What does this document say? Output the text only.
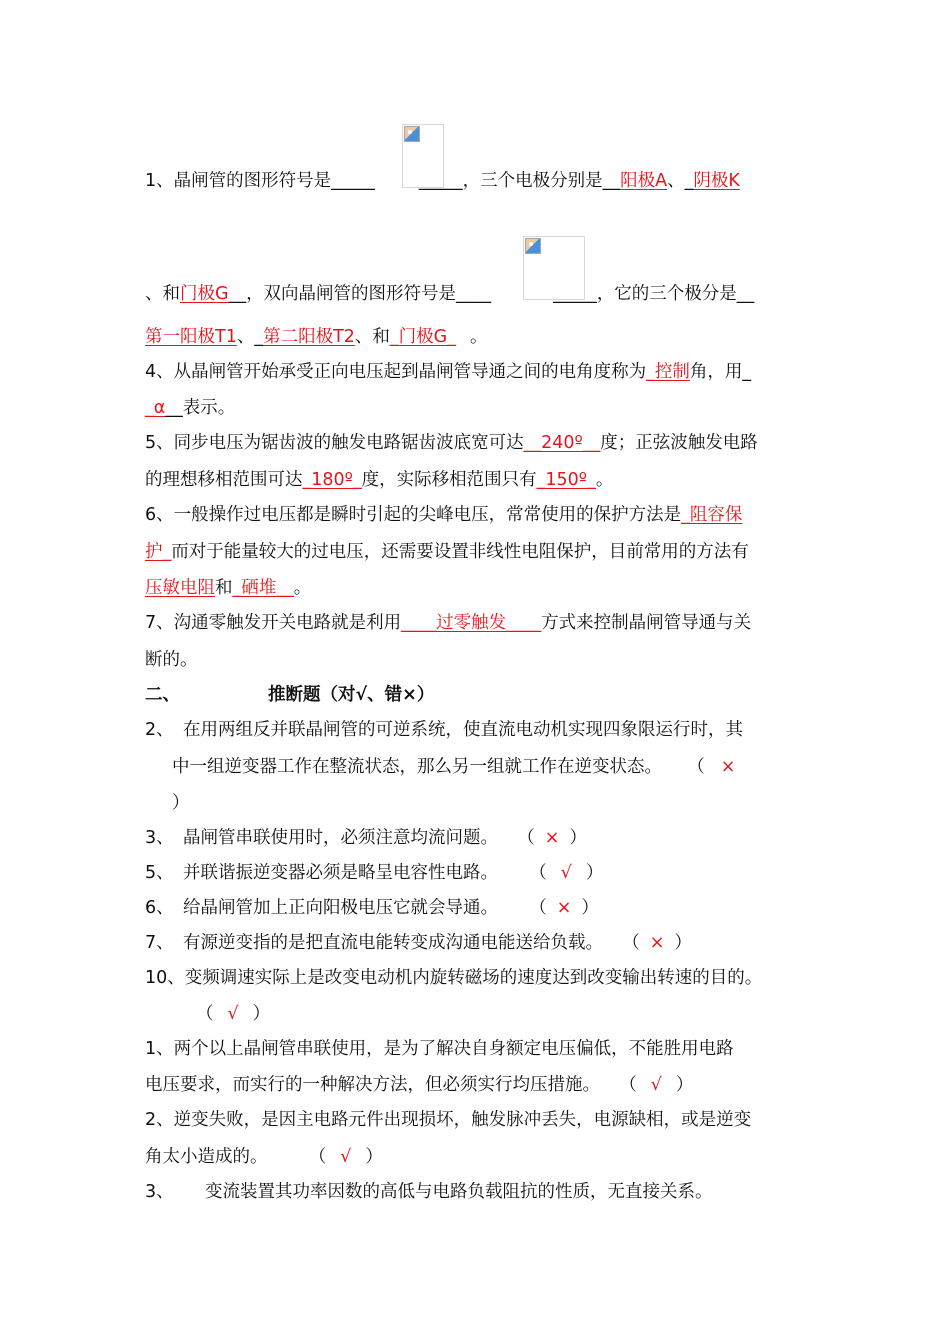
1、晶闸管的图形符号是_____	_____，三个电极分别是__阳极A、_阴极K
、和门极G__，双向晶闸管的图形符号是____	_____，它的三个极分是__
第一阳极T1、_第二阳极T2、和_门极G_ 。
4、从晶闸管开始承受正向电压起到晶闸管导通之间的电角度称为_控制角，用_
_α__表示。
5、同步电压为锯齿波的触发电路锯齿波底宽可达__240º__度；正弦波触发电路
的理想移相范围可达_180º_度，实际移相范围只有_150º_。
6、一般操作过电压都是瞬时引起的尖峰电压，常常使用的保护方法是_阻容保
护_而对于能量较大的过电压，还需要设置非线性电阻保护，目前常用的方法有
压敏电阻和_硒堆__。
7、沟通零触发开关电路就是利用____过零触发____方式来控制晶闸管导通与关
断的。
二、	推断题（对√、错×）
2、 在用两组反并联晶闸管的可逆系统，使直流电动机实现四象限运行时，其
中一组逆变器工作在整流状态，那么另一组就工作在逆变状态。 （ ×
）
3、 晶闸管串联使用时，必须注意均流问题。 （ × ）
5、 并联谐振逆变器必须是略呈电容性电路。 （ √ ）
6、 给晶闸管加上正向阳极电压它就会导通。 （ × ）
7、 有源逆变指的是把直流电能转变成沟通电能送给负载。 （ × ）
10、变频调速实际上是改变电动机内旋转磁场的速度达到改变输出转速的目的。
（ √ ）
1、两个以上晶闸管串联使用，是为了解决自身额定电压偏低，不能胜用电路
电压要求，而实行的一种解决方法，但必须实行均压措施。 （ √ ）
2、逆变失败，是因主电路元件出现损坏，触发脉冲丢失，电源缺相，或是逆变
角太小造成的。	（ √ ）
3、 变流装置其功率因数的高低与电路负载阻抗的性质，无直接关系。
